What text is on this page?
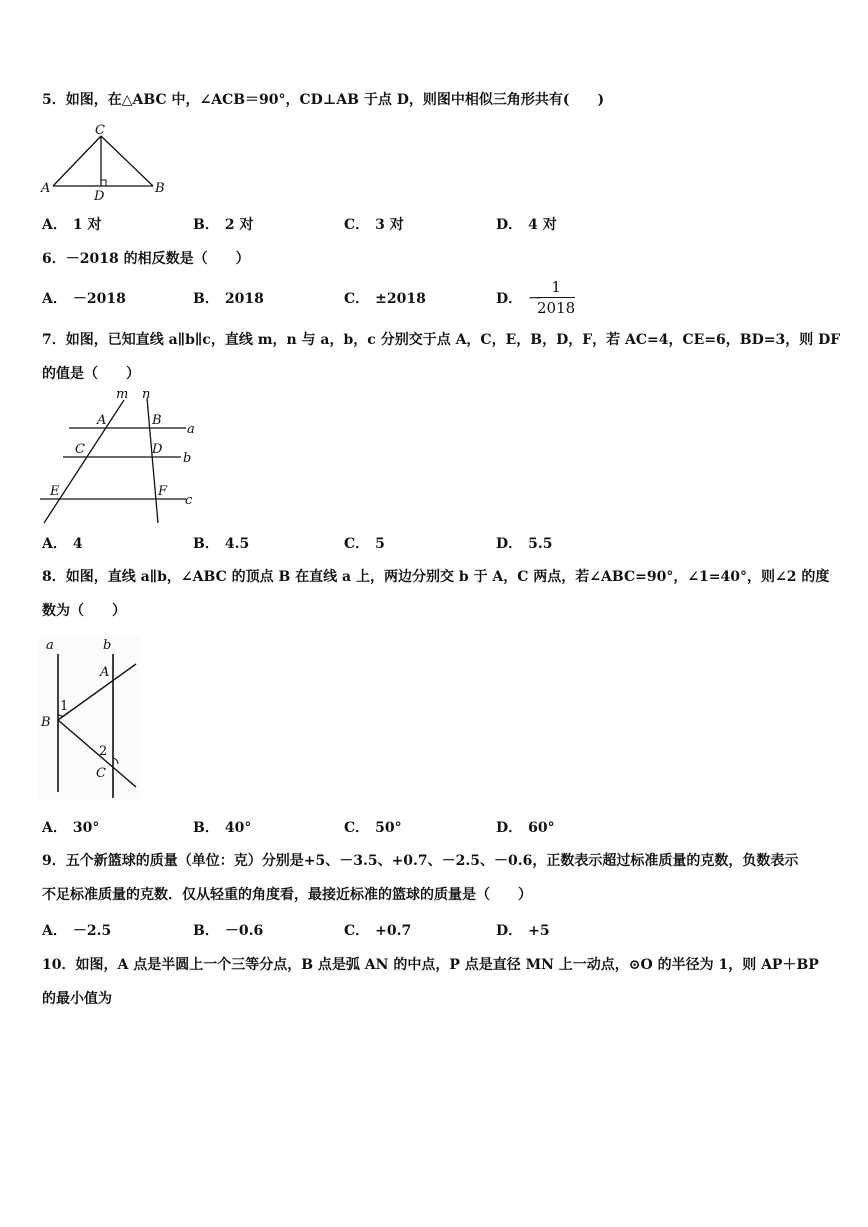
5．如图，在△ABC 中，∠ACB＝90°，CD⊥AB 于点 D，则图中相似三角形共有(　　)
C
A	B
D
A． 1 对	B． 2 对	C． 3 对	D． 4 对
6．－2018 的相反数是（　　）
A． －2018	B． 2018	C． ±2018	D． －
1
2018
7．如图，已知直线 a∥b∥c，直线 m，n 与 a，b，c 分别交于点 A，C，E，B，D，F，若 AC=4，CE=6，BD=3，则 DF
的值是（　　）
m n
A	B
a
C	D
b
E	F
c
A． 4	B． 4.5	C． 5	D． 5.5
8．如图，直线 a∥b，∠ABC 的顶点 B 在直线 a 上，两边分别交 b 于 A，C 两点，若∠ABC=90°，∠1=40°，则∠2 的度
数为（　　）
a	b
A
1
B
2
C
A． 30°	B． 40°	C． 50°	D． 60°
9．五个新篮球的质量（单位：克）分别是+5、－3.5、+0.7、－2.5、－0.6，正数表示超过标准质量的克数，负数表示
不足标准质量的克数．仅从轻重的角度看，最接近标准的篮球的质量是（　　）
A． －2.5	B． －0.6	C． +0.7	D． +5
10．如图，A 点是半圆上一个三等分点，B 点是弧 AN 的中点，P 点是直径 MN 上一动点，⊙O 的半径为 1，则 AP＋BP
的最小值为
